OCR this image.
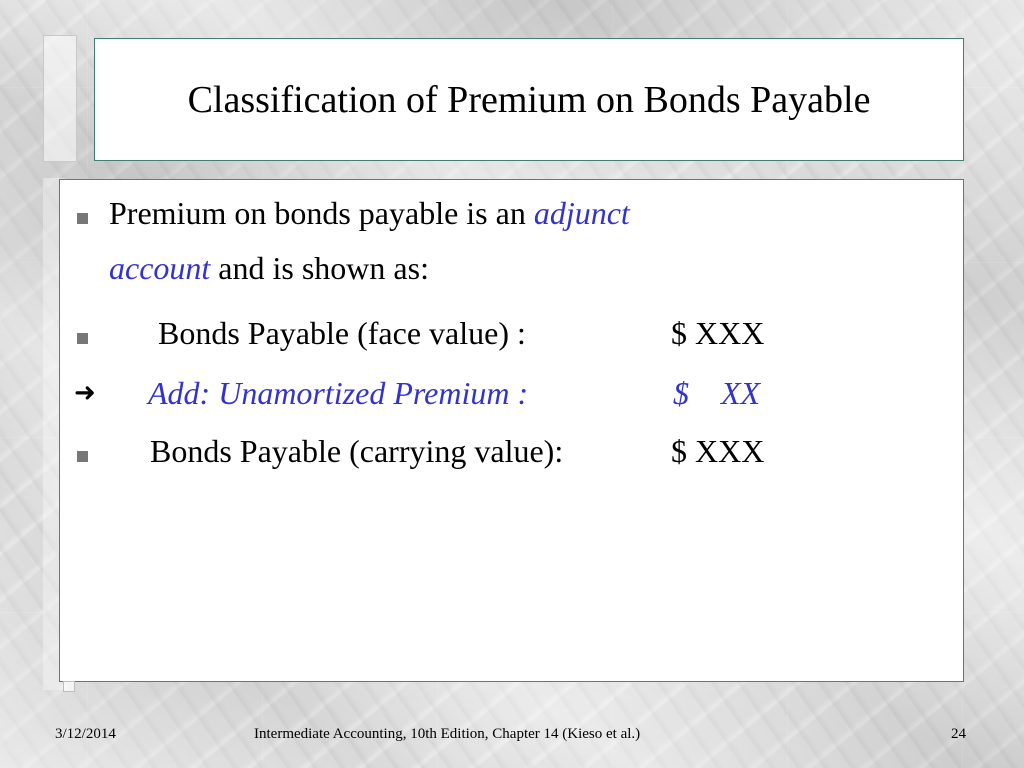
Classification of Premium on Bonds Payable
Premium on bonds payable is an adjunct
account and is shown as:
Bonds Payable (face value) :	$ XXX
➜ Add: Unamortized Premium :	$    XX
Bonds Payable (carrying value):	$ XXX
3/12/2014	Intermediate Accounting, 10th Edition, Chapter 14 (Kieso et al.)	24
